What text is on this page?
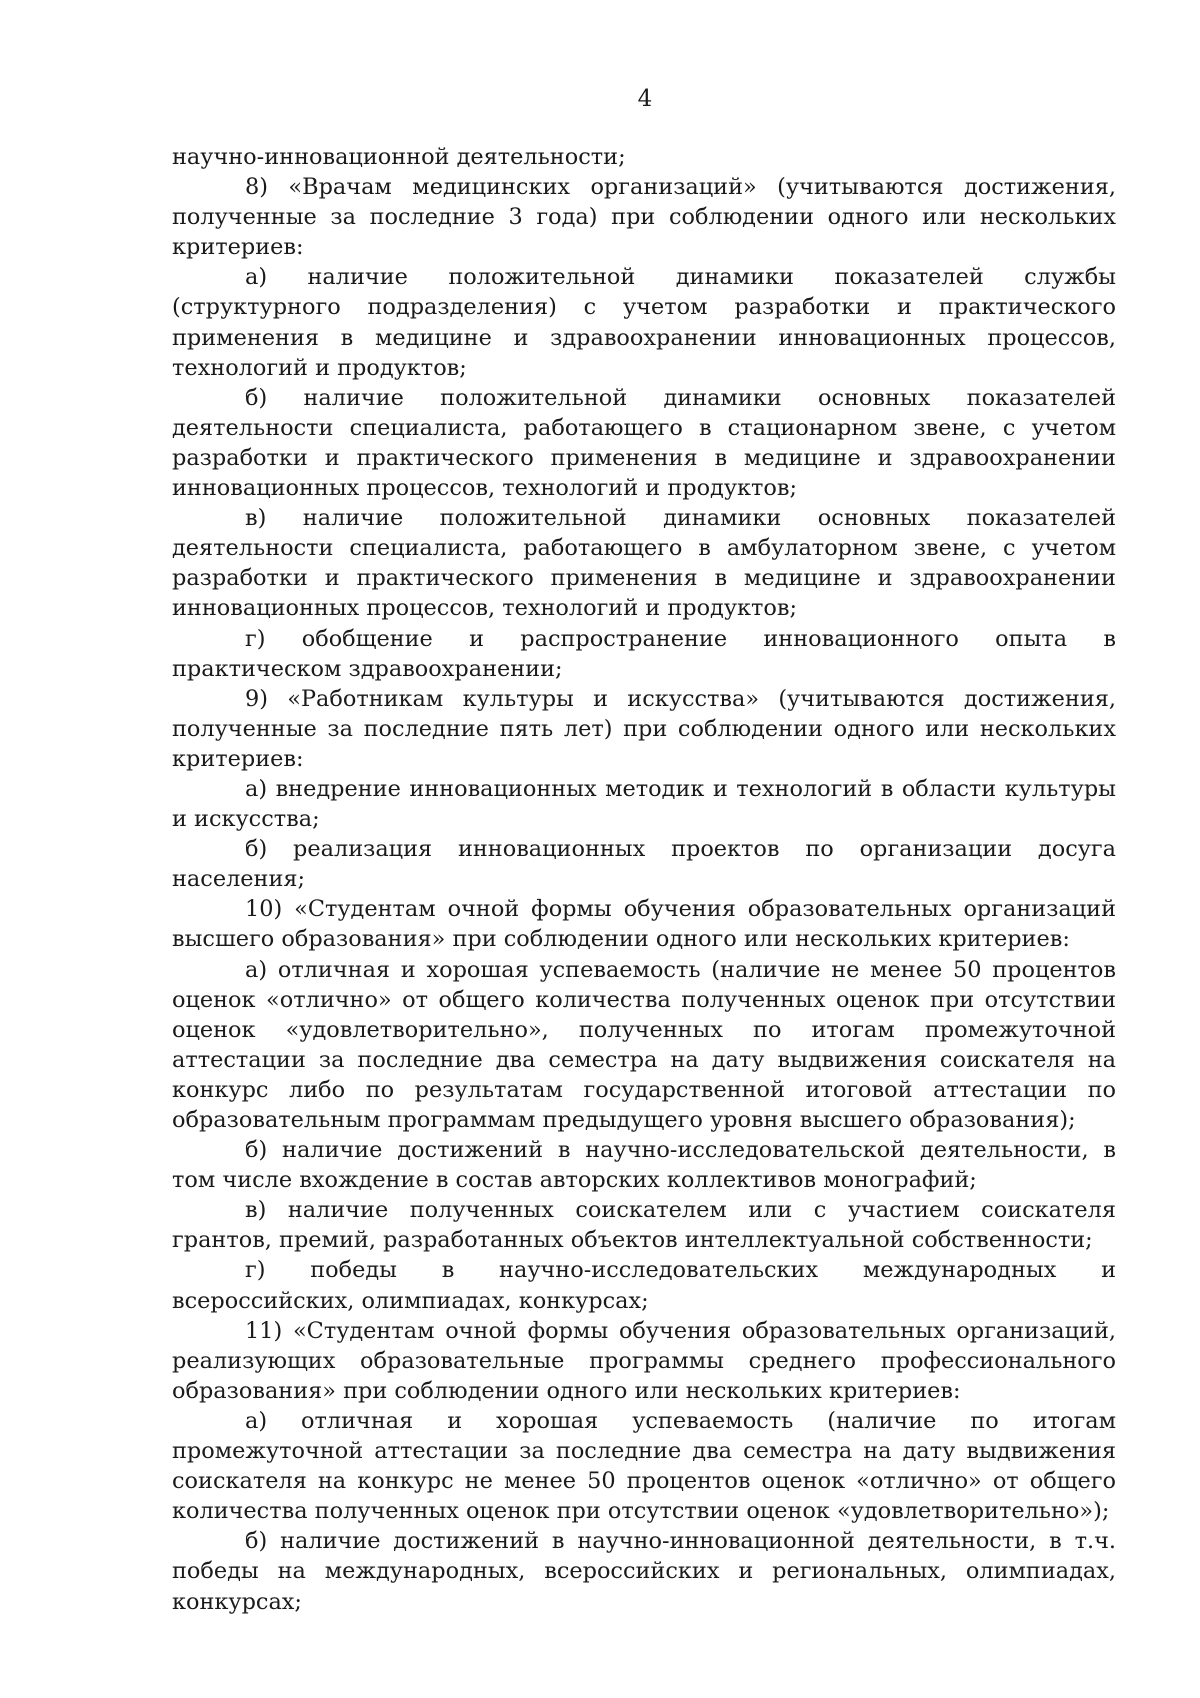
4

научно-инновационной деятельности;

8) «Врачам медицинских организаций» (учитываются достижения, полученные за последние 3 года) при соблюдении одного или нескольких критериев:

а) наличие положительной динамики показателей службы (структурного подразделения) с учетом разработки и практического применения в медицине и здравоохранении инновационных процессов, технологий и продуктов;

б) наличие положительной динамики основных показателей деятельности специалиста, работающего в стационарном звене, с учетом разработки и практического применения в медицине и здравоохранении инновационных процессов, технологий и продуктов;

в) наличие положительной динамики основных показателей деятельности специалиста, работающего в амбулаторном звене, с учетом разработки и практического применения в медицине и здравоохранении инновационных процессов, технологий и продуктов;

г) обобщение и распространение инновационного опыта в практическом здравоохранении;

9) «Работникам культуры и искусства» (учитываются достижения, полученные за последние пять лет) при соблюдении одного или нескольких критериев:

а) внедрение инновационных методик и технологий в области культуры и искусства;

б) реализация инновационных проектов по организации досуга населения;

10) «Студентам очной формы обучения образовательных организаций высшего образования» при соблюдении одного или нескольких критериев:

а) отличная и хорошая успеваемость (наличие не менее 50 процентов оценок «отлично» от общего количества полученных оценок при отсутствии оценок «удовлетворительно», полученных по итогам промежуточной аттестации за последние два семестра на дату выдвижения соискателя на конкурс либо по результатам государственной итоговой аттестации по образовательным программам предыдущего уровня высшего образования);

б) наличие достижений в научно-исследовательской деятельности, в том числе вхождение в состав авторских коллективов монографий;

в) наличие полученных соискателем или с участием соискателя грантов, премий, разработанных объектов интеллектуальной собственности;

г) победы в научно-исследовательских международных и всероссийских, олимпиадах, конкурсах;

11) «Студентам очной формы обучения образовательных организаций, реализующих образовательные программы среднего профессионального образования» при соблюдении одного или нескольких критериев:

а) отличная и хорошая успеваемость (наличие по итогам промежуточной аттестации за последние два семестра на дату выдвижения соискателя на конкурс не менее 50 процентов оценок «отлично» от общего количества полученных оценок при отсутствии оценок «удовлетворительно»);

б) наличие достижений в научно-инновационной деятельности, в т.ч. победы на международных, всероссийских и региональных, олимпиадах, конкурсах;
